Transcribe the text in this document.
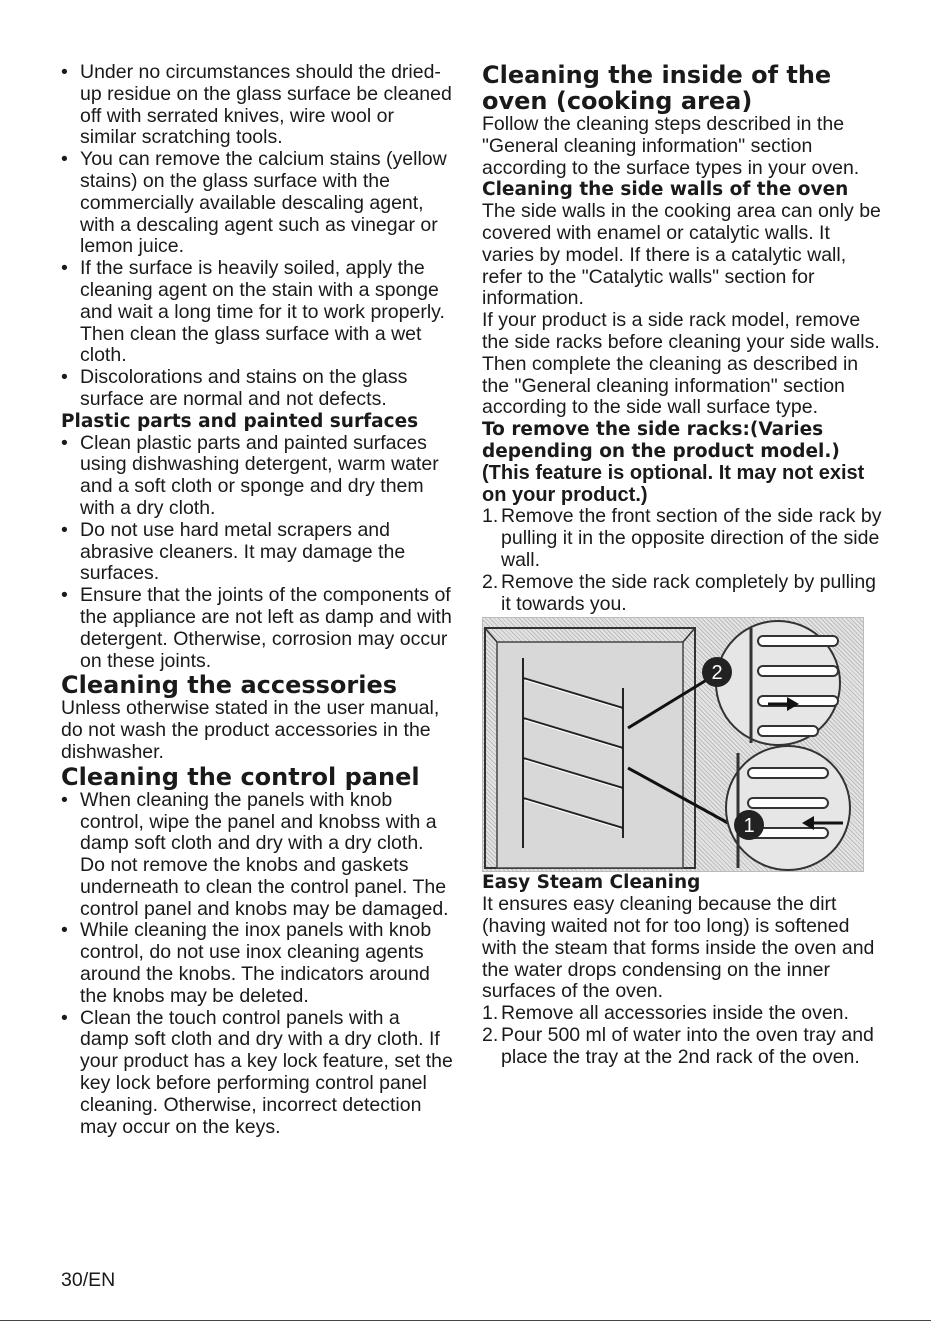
• Under no circumstances should the dried-up residue on the glass surface be cleaned off with serrated knives, wire wool or similar scratching tools.
• You can remove the calcium stains (yellow stains) on the glass surface with the commercially available descaling agent, with a descaling agent such as vinegar or lemon juice.
• If the surface is heavily soiled, apply the cleaning agent on the stain with a sponge and wait a long time for it to work properly. Then clean the glass surface with a wet cloth.
• Discolorations and stains on the glass surface are normal and not defects.
Plastic parts and painted surfaces
• Clean plastic parts and painted surfaces using dishwashing detergent, warm water and a soft cloth or sponge and dry them with a dry cloth.
• Do not use hard metal scrapers and abrasive cleaners. It may damage the surfaces.
• Ensure that the joints of the components of the appliance are not left as damp and with detergent. Otherwise, corrosion may occur on these joints.
Cleaning the accessories

Unless otherwise stated in the user manual, do not wash the product accessories in the dishwasher.

Cleaning the control panel
• When cleaning the panels with knob control, wipe the panel and knobss with a damp soft cloth and dry with a dry cloth. Do not remove the knobs and gaskets underneath to clean the control panel. The control panel and knobs may be damaged.
• While cleaning the inox panels with knob control, do not use inox cleaning agents around the knobs. The indicators around the knobs may be deleted.
• Clean the touch control panels with a damp soft cloth and dry with a dry cloth. If your product has a key lock feature, set the key lock before performing control panel cleaning. Otherwise, incorrect detection may occur on the keys.
Cleaning the inside of the oven (cooking area)

Follow the cleaning steps described in the "General cleaning information" section according to the surface types in your oven.

Cleaning the side walls of the oven

The side walls in the cooking area can only be covered with enamel or catalytic walls. It varies by model. If there is a catalytic wall, refer to the "Catalytic walls" section for information.

If your product is a side rack model, remove the side racks before cleaning your side walls. Then complete the cleaning as described in the "General cleaning information" section according to the side wall surface type.

To remove the side racks:(Varies depending on the product model.)

(This feature is optional. It may not exist on your product.)

1. Remove the front section of the side rack by pulling it in the opposite direction of the side wall.
2. Remove the side rack completely by pulling it towards you.
2
1
Easy Steam Cleaning

It ensures easy cleaning because the dirt (having waited not for too long) is softened with the steam that forms inside the oven and the water drops condensing on the inner surfaces of the oven.

1. Remove all accessories inside the oven.
2. Pour 500 ml of water into the oven tray and place the tray at the 2nd rack of the oven.
30/EN
